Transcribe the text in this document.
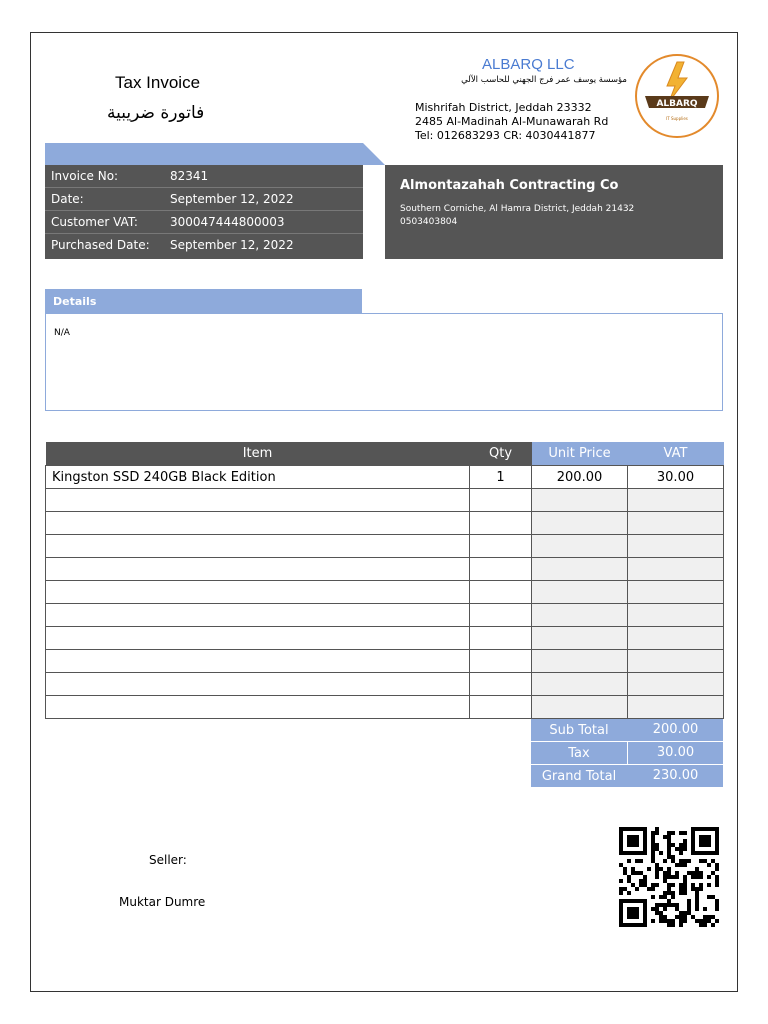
Tax Invoice
فاتورة ضريبية
ALBARQ LLC
مؤسسة يوسف عمر فرج الجهني للحاسب الآلي
Mishrifah District, Jeddah 23332
2485 Al-Madinah Al-Munawarah Rd
Tel: 012683293 CR: 4030441877
ALBARQ
IT Supplies
Invoice No:	82341
Date:	September 12, 2022
Customer VAT:	300047444800003
Purchased Date: September 12, 2022
Almontazahah Contracting Co
Southern Corniche, Al Hamra District, Jeddah 21432
0503403804
Details
N/A
Item	Qty	Unit Price	VAT
Kingston SSD 240GB Black Edition	1	200.00	30.00

Sub Total	200.00
Tax	30.00
Grand Total	230.00
Seller:
Muktar Dumre
